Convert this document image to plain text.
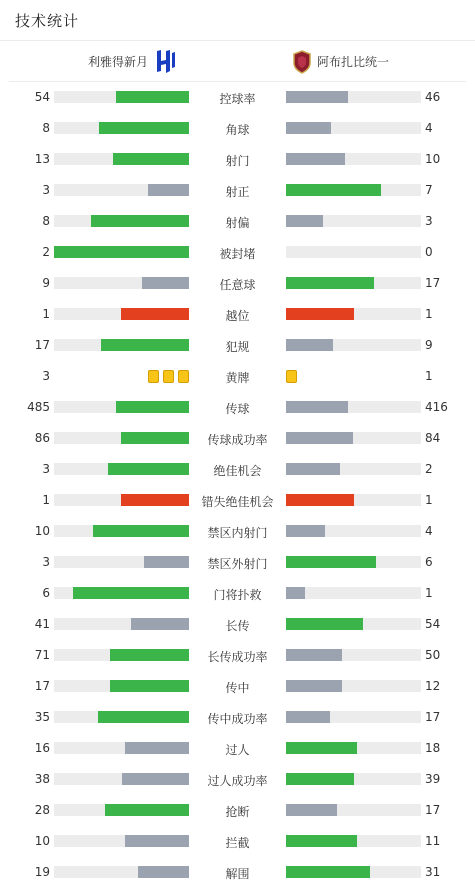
技术统计
利雅得新月	阿布扎比统一
54	控球率	46
8	角球	4
13	射门	10
3	射正	7
8	射偏	3
2	被封堵	0
9	任意球	17
1	越位	1
17	犯规	9
3	黄牌	1
485	传球	416
86	传球成功率	84
3	绝佳机会	2
1	错失绝佳机会	1
10	禁区内射门	4
3	禁区外射门	6
6	门将扑救	1
41	长传	54
71	长传成功率	50
17	传中	12
35	传中成功率	17
16	过人	18
38	过人成功率	39
28	抢断	17
10	拦截	11
19	解围	31
